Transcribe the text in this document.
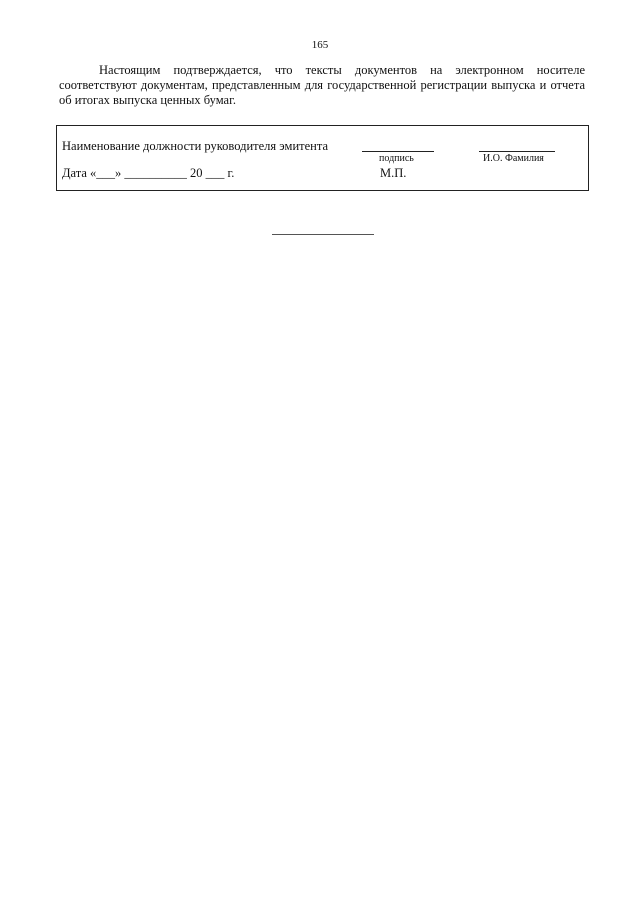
165

Настоящим подтверждается, что тексты документов на электронном носителе соответствуют документам, представленным для государственной регистрации выпуска и отчета об итогах выпуска ценных бумаг.

Наименование должности руководителя эмитента
Дата «___» __________ 20 ___ г.
подпись	И.О. Фамилия
М.П.
